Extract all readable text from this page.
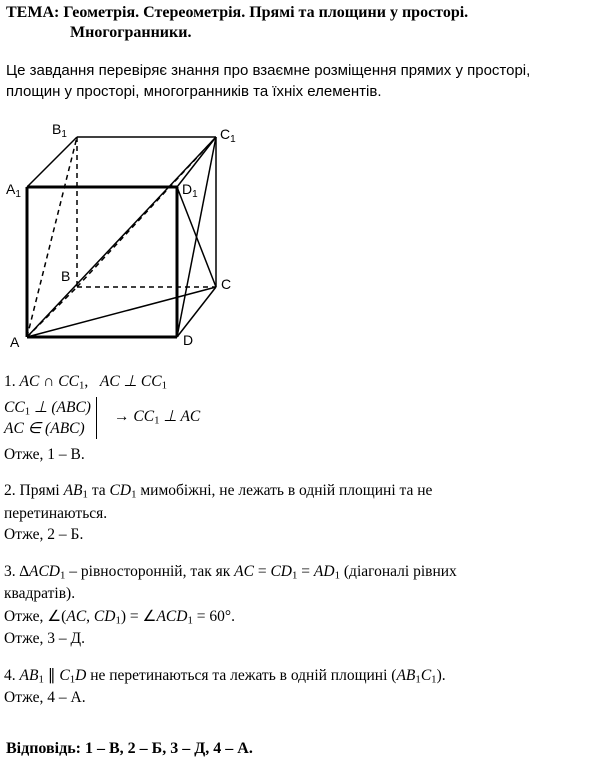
ТЕМА: Геометрія. Стереометрія. Прямі та площини у просторі.
Многогранники.
Це завдання перевіряє знання про взаємне розміщення прямих у просторі,
площин у просторі, многогранників та їхніх елементів.
A
B	C
D
$A_1$
$B_1$	$C_1$
$D_1$
1. AC ∩ $CC_1$,   AC ⊥ $CC_1$
$CC_1$ ⊥ (ABC)
AC ∈ (ABC)
→ $CC_1$ ⊥ AC
Отже, 1 – В.
2. Прямі $AB_1$ та $CD_1$ мимобіжні, не лежать в одній площині та не
перетинаються.
Отже, 2 – Б.
3. $\Delta ACD_1$ – рівносторонній, так як AC = $CD_1 = AD_1$ (діагоналі рівних
квадратів).
Отже, ∠(AC, $CD_1$) = $\angle ACD_1 = 60^\circ$.
Отже, 3 – Д.
4. $AB_1$ ∥ $C_1D$ не перетинаються та лежать в одній площині $(AB_1C_1)$.
Отже, 4 – А.
Відповідь: 1 – В, 2 – Б, 3 – Д, 4 – А.
